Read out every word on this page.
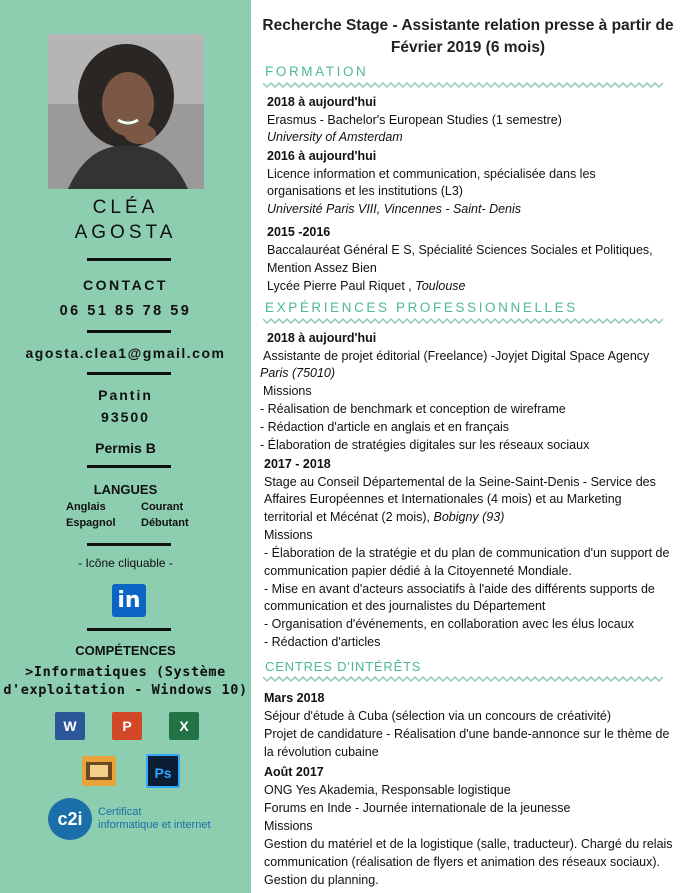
CLÉA
AGOSTA
CONTACT
06 51 85 78 59
agosta.clea1@gmail.com
Pantin
93500
Permis B
LANGUES
Anglais	Courant
Espagnol Débutant
- Icône cliquable -
in
COMPÉTENCES
>Informatiques (Système
d'exploitation - Windows 10)
W	P	X
Ps
c2i	Certificat
informatique et internet
Recherche Stage - Assistante relation presse à partir de
Février 2019 (6 mois)
FORMATION
2018 à aujourd'hui
Erasmus - Bachelor's European Studies (1 semestre)
University of Amsterdam
2016 à aujourd'hui
Licence information et communication, spécialisée dans les
organisations et les institutions (L3)
Université Paris VIII, Vincennes - Saint- Denis
2015 -2016
Baccalauréat Général E S, Spécialité Sciences Sociales et Politiques,
Mention Assez Bien
Lycée Pierre Paul Riquet , Toulouse
EXPÉRIENCES PROFESSIONNELLES
2018 à aujourd'hui
Assistante de projet éditorial (Freelance) -Joyjet Digital Space Agency
Paris (75010)
Missions
- Réalisation de benchmark et conception de wireframe
- Rédaction d'article en anglais et en français
- Élaboration de stratégies digitales sur les réseaux sociaux
2017 - 2018
Stage au Conseil Départemental de la Seine-Saint-Denis - Service des
Affaires Européennes et Internationales (4 mois) et au Marketing
territorial et Mécénat (2 mois), Bobigny (93)
Missions
- Élaboration de la stratégie et du plan de communication d'un support de
communication papier dédié à la Citoyenneté Mondiale.
- Mise en avant d'acteurs associatifs à l'aide des différents supports de
communication et des journalistes du Département
- Organisation d'événements, en collaboration avec les élus locaux
- Rédaction d'articles
CENTRES D'INTÉRÊTS
Mars 2018
Séjour d'étude à Cuba (sélection via un concours de créativité)
Projet de candidature - Réalisation d'une bande-annonce sur le thème de
la révolution cubaine
Août 2017
ONG Yes Akademia, Responsable logistique
Forums en Inde - Journée internationale de la jeunesse
Missions
Gestion du matériel et de la logistique (salle, traducteur). Chargé du relais
communication (réalisation de flyers et animation des réseaux sociaux).
Gestion du planning.
